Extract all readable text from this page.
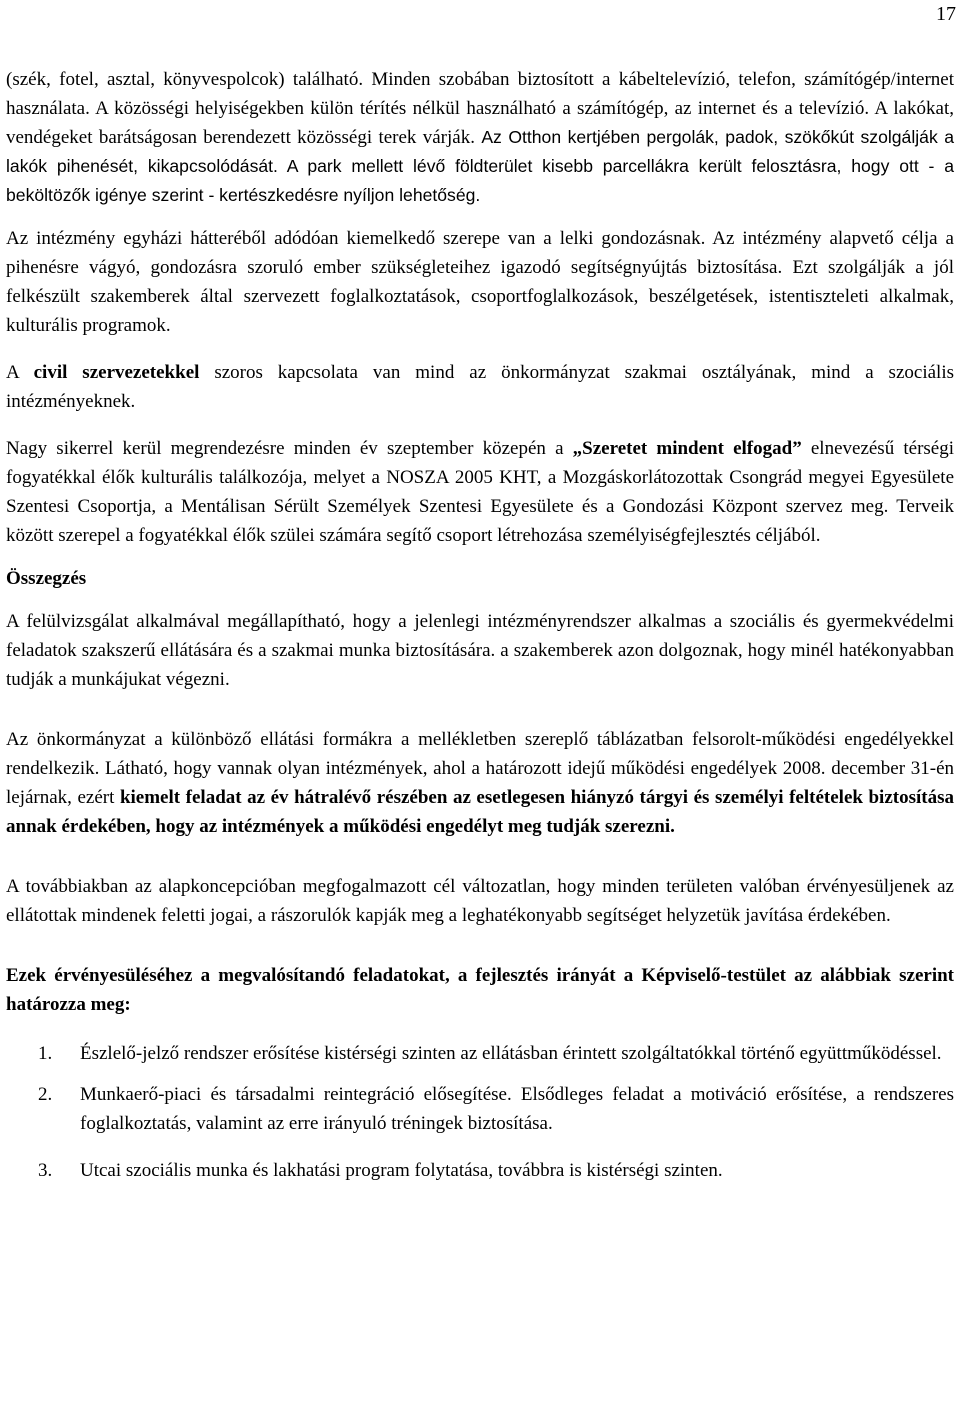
17

(szék, fotel, asztal, könyvespolcok) található. Minden szobában biztosított a kábeltelevízió, telefon, számítógép/internet használata. A közösségi helyiségekben külön térítés nélkül használható a számítógép, az internet és a televízió. A lakókat, vendégeket barátságosan berendezett közösségi terek várják. Az Otthon kertjében pergolák, padok, szökőkút szolgálják a lakók pihenését, kikapcsolódását. A park mellett lévő földterület kisebb parcellákra került felosztásra, hogy ott - a beköltözők igénye szerint - kertészkedésre nyíljon lehetőség.

Az intézmény egyházi hátteréből adódóan kiemelkedő szerepe van a lelki gondozásnak. Az intézmény alapvető célja a pihenésre vágyó, gondozásra szoruló ember szükségleteihez igazodó segítségnyújtás biztosítása. Ezt szolgálják a jól felkészült szakemberek által szervezett foglalkoztatások, csoportfoglalkozások, beszélgetések, istentiszteleti alkalmak, kulturális programok.

A civil szervezetekkel szoros kapcsolata van mind az önkormányzat szakmai osztályának, mind a szociális intézményeknek.

Nagy sikerrel kerül megrendezésre minden év szeptember közepén a „Szeretet mindent elfogad” elnevezésű térségi fogyatékkal élők kulturális találkozója, melyet a NOSZA 2005 KHT, a Mozgáskorlátozottak Csongrád megyei Egyesülete Szentesi Csoportja, a Mentálisan Sérült Személyek Szentesi Egyesülete és a Gondozási Központ szervez meg. Terveik között szerepel a fogyatékkal élők szülei számára segítő csoport létrehozása személyiségfejlesztés céljából.

Összegzés

A felülvizsgálat alkalmával megállapítható, hogy a jelenlegi intézményrendszer alkalmas a szociális és gyermekvédelmi feladatok szakszerű ellátására és a szakmai munka biztosítására. a szakemberek azon dolgoznak, hogy minél hatékonyabban tudják a munkájukat végezni.

Az önkormányzat a különböző ellátási formákra a mellékletben szereplő táblázatban felsorolt-működési engedélyekkel rendelkezik. Látható, hogy vannak olyan intézmények, ahol a határozott idejű működési engedélyek 2008. december 31-én lejárnak, ezért kiemelt feladat az év hátralévő részében az esetlegesen hiányzó tárgyi és személyi feltételek biztosítása annak érdekében, hogy az intézmények a működési engedélyt meg tudják szerezni.

A továbbiakban az alapkoncepcióban megfogalmazott cél változatlan, hogy minden területen valóban érvényesüljenek az ellátottak mindenek feletti jogai, a rászorulók kapják meg a leghatékonyabb segítséget helyzetük javítása érdekében.

Ezek érvényesüléséhez a megvalósítandó feladatokat, a fejlesztés irányát a Képviselő-testület az alábbiak szerint határozza meg:

1.	Észlelő-jelző rendszer erősítése kistérségi szinten az ellátásban érintett szolgáltatókkal történő együttműködéssel.
2.	Munkaerő-piaci és társadalmi reintegráció elősegítése. Elsődleges feladat a motiváció erősítése, a rendszeres foglalkoztatás, valamint az erre irányuló tréningek biztosítása.
3.	Utcai szociális munka és lakhatási program folytatása, továbbra is kistérségi szinten.
